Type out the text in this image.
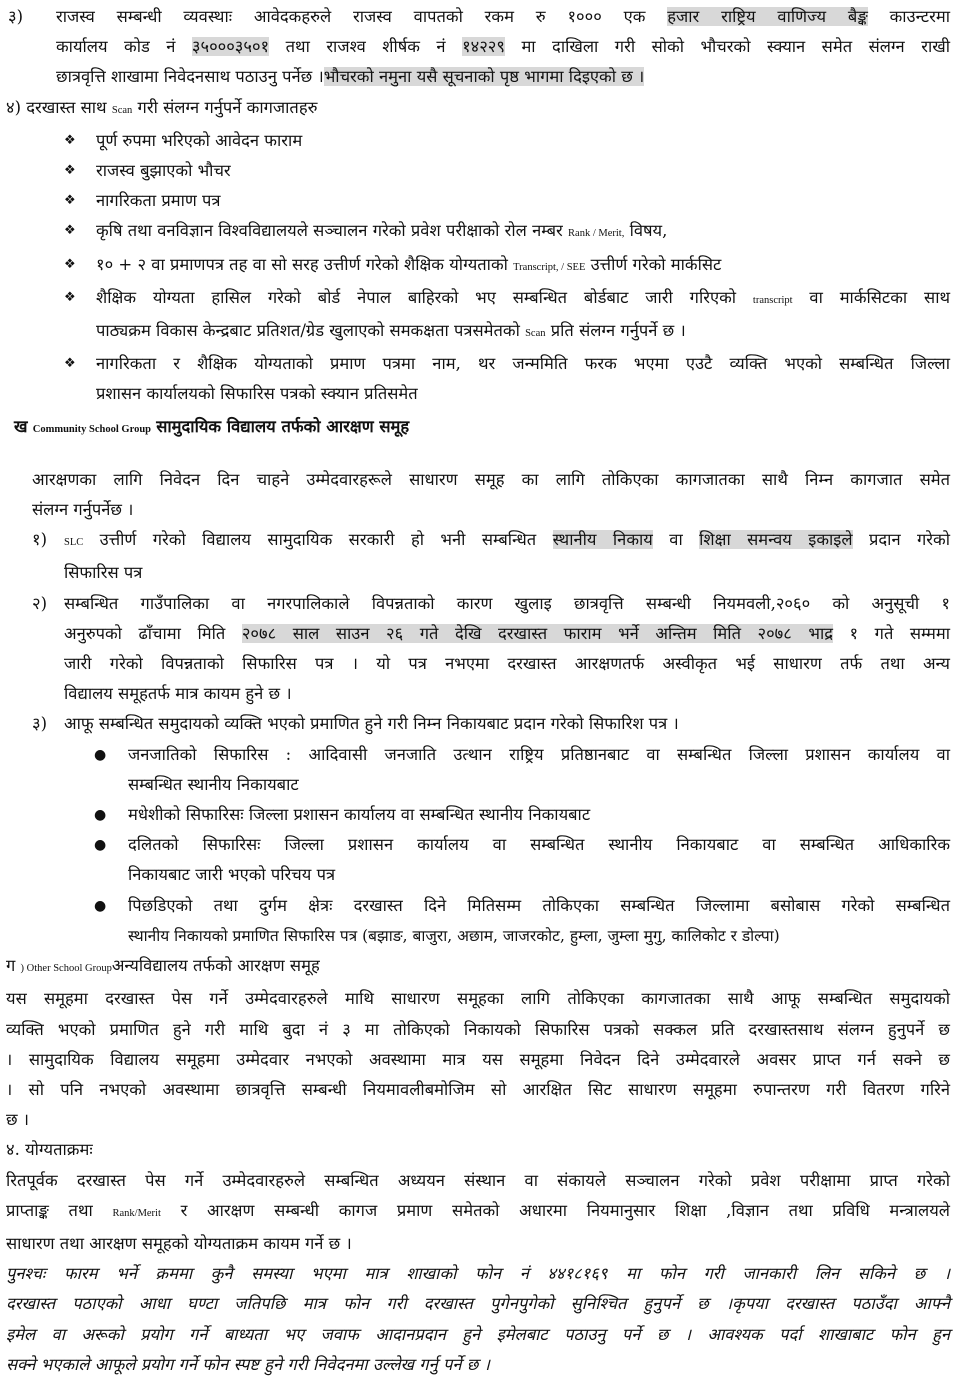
३)	राजस्व सम्बन्धी व्यवस्थाः आवेदकहरुले राजस्व वापतको रकम रु १००० एक हजार राष्ट्रिय वाणिज्य बैङ्क काउन्टरमा
कार्यालय कोड नं ३५०००३५०१ तथा राजश्व शीर्षक नं १४२२९ मा दाखिला गरी सोको भौचरको स्क्यान समेत संलग्न राखी
छात्रवृत्ति शाखामा निवेदनसाथ पठाउनु पर्नेछ ।भौचरको नमुना यसै सूचनाको पृष्ठ भागमा दिइएको छ ।
४) दरखास्त साथ Scan गरी संलग्न गर्नुपर्ने कागजातहरु
❖	पूर्ण रुपमा भरिएको आवेदन फाराम
❖	राजस्व बुझाएको भौचर
❖	नागरिकता प्रमाण पत्र
❖	कृषि तथा वनविज्ञान विश्वविद्यालयले सञ्चालन गरेको प्रवेश परीक्षाको रोल नम्बर Rank / Merit, विषय,
❖	१० + २ वा प्रमाणपत्र तह वा सो सरह उत्तीर्ण गरेको शैक्षिक योग्यताको Transcript, / SEE उत्तीर्ण गरेको मार्कसिट
❖	शैक्षिक योग्यता हासिल गरेको बोर्ड नेपाल बाहिरको भए सम्बन्धित बोर्डबाट जारी गरिएको transcript वा मार्कसिटका साथ
पाठ्यक्रम विकास केन्द्रबाट प्रतिशत/ग्रेड खुलाएको समकक्षता पत्रसमेतको Scan प्रति संलग्न गर्नुपर्ने छ ।
❖	नागरिकता र शैक्षिक योग्यताको प्रमाण पत्रमा नाम, थर जन्ममिति फरक भएमा एउटै व्यक्ति भएको सम्बन्धित जिल्ला
प्रशासन कार्यालयको सिफारिस पत्रको स्क्यान प्रतिसमेत
ख Community School Group सामुदायिक विद्यालय तर्फको आरक्षण समूह
आरक्षणका लागि निवेदन दिन चाहने उम्मेदवारहरूले साधारण समूह का लागि तोकिएका कागजातका साथै निम्न कागजात समेत
संलग्न गर्नुपर्नेछ ।
१)	SLC उत्तीर्ण गरेको विद्यालय सामुदायिक सरकारी हो भनी सम्बन्धित स्थानीय निकाय वा शिक्षा समन्वय इकाइले प्रदान गरेको
सिफारिस पत्र
२)	सम्बन्धित गाउँपालिका वा नगरपालिकाले विपन्नताको कारण खुलाइ छात्रवृत्ति सम्बन्धी नियमवली,२०६० को अनुसूची १
अनुरुपको ढाँचामा मिति २०७८ साल साउन २६ गते देखि दरखास्त फाराम भर्ने अन्तिम मिति २०७८ भाद्र १ गते सम्ममा
जारी गरेको विपन्नताको सिफारिस पत्र । यो पत्र नभएमा दरखास्त आरक्षणतर्फ अस्वीकृत भई साधारण तर्फ तथा अन्य
विद्यालय समूहतर्फ मात्र कायम हुने छ ।
३)	आफू सम्बन्धित समुदायको व्यक्ति भएको प्रमाणित हुने गरी निम्न निकायबाट प्रदान गरेको सिफारिश पत्र ।
●	जनजातिको सिफारिस : आदिवासी जनजाति उत्थान राष्ट्रिय प्रतिष्ठानबाट वा सम्बन्धित जिल्ला प्रशासन कार्यालय वा
सम्बन्धित स्थानीय निकायबाट
●	मधेशीको सिफारिसः जिल्ला प्रशासन कार्यालय वा सम्बन्धित स्थानीय निकायबाट
●	दलितको सिफारिसः जिल्ला प्रशासन कार्यालय वा सम्बन्धित स्थानीय निकायबाट वा सम्बन्धित आधिकारिक
निकायबाट जारी भएको परिचय पत्र
●	पिछडिएको तथा दुर्गम क्षेत्रः दरखास्त दिने मितिसम्म तोकिएका सम्बन्धित जिल्लामा बसोबास गरेको सम्बन्धित
स्थानीय निकायको प्रमाणित सिफारिस पत्र (बझाङ, बाजुरा, अछाम, जाजरकोट, हुम्ला, जुम्ला मुगु, कालिकोट र डोल्पा)
ग ) Other School Groupअन्यविद्यालय तर्फको आरक्षण समूह
यस समूहमा दरखास्त पेस गर्ने उम्मेदवारहरुले माथि साधारण समूहका लागि तोकिएका कागजातका साथै आफू सम्बन्धित समुदायको
व्यक्ति भएको प्रमाणित हुने गरी माथि बुदा नं ३ मा तोकिएको निकायको सिफारिस पत्रको सक्कल प्रति दरखास्तसाथ संलग्न हुनुपर्ने छ
। सामुदायिक विद्यालय समूहमा उम्मेदवार नभएको अवस्थामा मात्र यस समूहमा निवेदन दिने उम्मेदवारले अवसर प्राप्त गर्न सक्ने छ
। सो पनि नभएको अवस्थामा छात्रवृत्ति सम्बन्धी नियमावलीबमोजिम सो आरक्षित सिट साधारण समूहमा रुपान्तरण गरी वितरण गरिने
छ ।
४. योग्यताक्रमः
रितपूर्वक दरखास्त पेस गर्ने उम्मेदवारहरुले सम्बन्धित अध्ययन संस्थान वा संकायले सञ्चालन गरेको प्रवेश परीक्षामा प्राप्त गरेको
प्राप्ताङ्क तथा Rank/Merit र आरक्षण सम्बन्धी कागज प्रमाण समेतको अधारमा नियमानुसार शिक्षा ,विज्ञान तथा प्रविधि मन्त्रालयले
साधारण तथा आरक्षण समूहको योग्यताक्रम कायम गर्ने छ ।
पुनश्चः फारम भर्ने क्रममा कुनै समस्या भएमा मात्र शाखाको फोन नं ४४१८१६९ मा फोन गरी जानकारी लिन सकिने छ ।
दरखास्त पठाएको आधा घण्टा जतिपछि मात्र फोन गरी दरखास्त पुगेनपुगेको सुनिश्चित हुनुपर्ने छ ।कृपया दरखास्त पठाउँदा आफ्नै
इमेल वा अरूको प्रयोग गर्ने बाध्यता भए जवाफ आदानप्रदान हुने इमेलबाट पठाउनु पर्ने छ । आवश्यक पर्दा शाखाबाट फोन हुन
सक्ने भएकाले आफूले प्रयोग गर्ने फोन स्पष्ट हुने गरी निवेदनमा उल्लेख गर्नु पर्ने छ ।
